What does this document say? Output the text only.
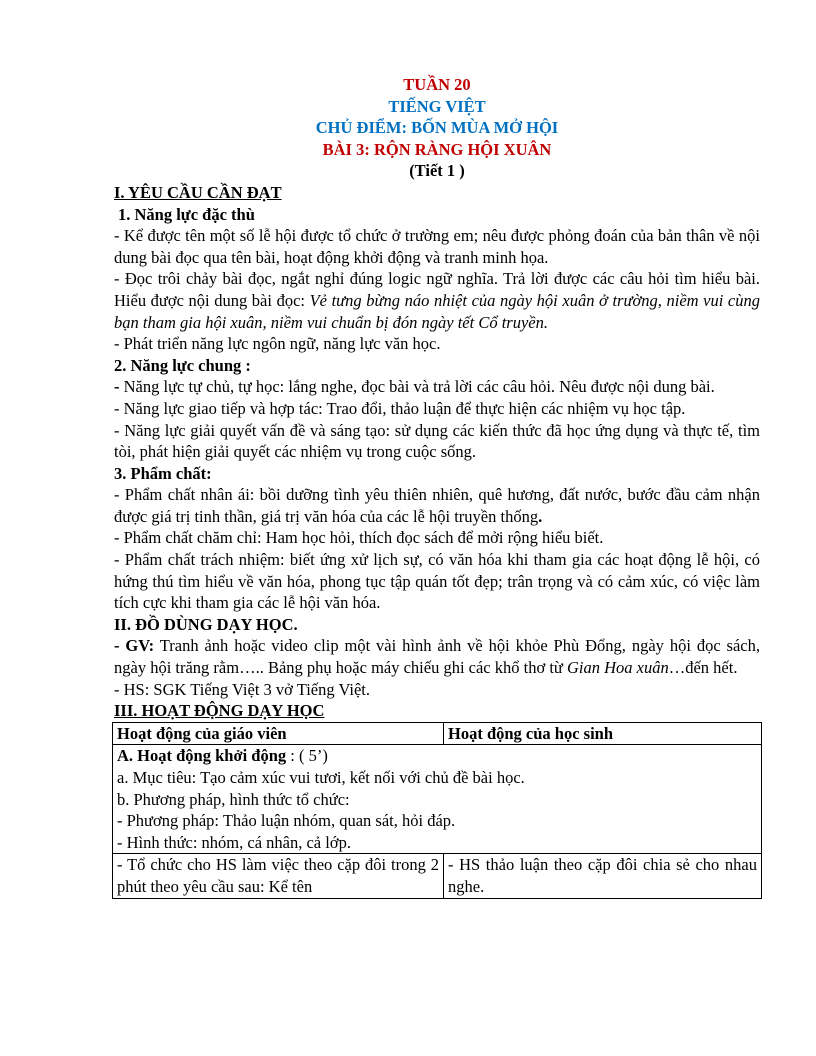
TUẦN 20
TIẾNG VIỆT
CHỦ ĐIỂM: BỐN MÙA MỞ HỘI
BÀI 3: RỘN RÀNG HỘI XUÂN
(Tiết 1 )
I. YÊU CẦU CẦN ĐẠT
1. Năng lực đặc thù

- Kể được tên một số lễ hội được tổ chức ở trường em; nêu được phỏng đoán của bản thân về nội dung bài đọc qua tên bài, hoạt động khởi động và tranh minh họa.

- Đọc trôi chảy bài đọc, ngắt nghỉ đúng logic ngữ nghĩa. Trả lời được các câu hỏi tìm hiểu bài. Hiểu được nội dung bài đọc: Vẻ tưng bừng náo nhiệt của ngày hội xuân ở trường, niềm vui cùng bạn tham gia hội xuân, niềm vui chuẩn bị đón ngày tết Cổ truyền.

- Phát triển năng lực ngôn ngữ, năng lực văn học.

2. Năng lực chung :

- Năng lực tự chủ, tự học: lắng nghe, đọc bài và trả lời các câu hỏi. Nêu được nội dung bài.

- Năng lực giao tiếp và hợp tác: Trao đổi, thảo luận để thực hiện các nhiệm vụ học tập.

- Năng lực giải quyết vấn đề và sáng tạo: sử dụng các kiến thức đã học ứng dụng và thực tế, tìm tòi, phát hiện giải quyết các nhiệm vụ trong cuộc sống.

3. Phẩm chất:

- Phẩm chất nhân ái: bồi dưỡng tình yêu thiên nhiên, quê hương, đất nước, bước đầu cảm nhận được giá trị tinh thần, giá trị văn hóa của các lễ hội truyền thống.

- Phẩm chất chăm chỉ: Ham học hỏi, thích đọc sách để mởi rộng hiểu biết.

- Phẩm chất trách nhiệm: biết ứng xử lịch sự, có văn hóa khi tham gia các hoạt động lễ hội, có hứng thú tìm hiểu về văn hóa, phong tục tập quán tốt đẹp; trân trọng và có cảm xúc, có việc làm tích cực khi tham gia các lễ hội văn hóa.

II. ĐỒ DÙNG DẠY HỌC.

- GV: Tranh ảnh hoặc video clip một vài hình ảnh về hội khỏe Phù Đổng, ngày hội đọc sách, ngày hội trăng rằm….. Bảng phụ hoặc máy chiếu ghi các khổ thơ từ Gian Hoa xuân…đến hết.

- HS: SGK Tiếng Việt 3 vở Tiếng Việt.

III. HOẠT ĐỘNG DẠY HỌC
Hoạt động của giáo viên	Hoạt động của học sinh

A. Hoạt động khởi động : ( 5’)
a. Mục tiêu: Tạo cảm xúc vui tươi, kết nối với chủ đề bài học.
b. Phương pháp, hình thức tổ chức:
- Phương pháp: Thảo luận nhóm, quan sát, hỏi đáp.
- Hình thức: nhóm, cá nhân, cả lớp.	

- Tổ chức cho HS làm việc theo cặp đôi trong 2 phút theo yêu cầu sau: Kể tên	- HS thảo luận theo cặp đôi chia sẻ cho nhau nghe.
